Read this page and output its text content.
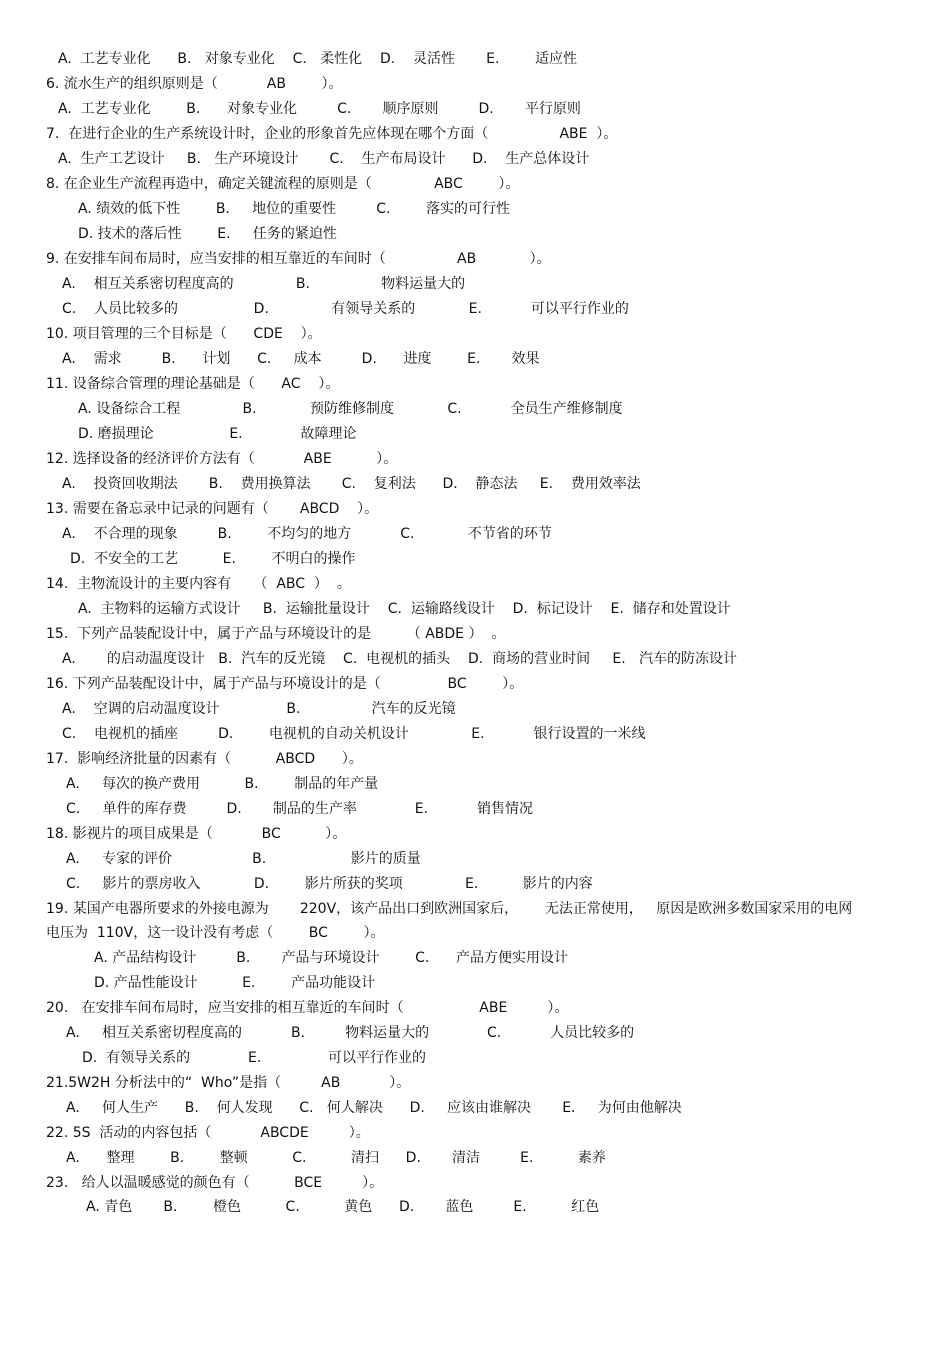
A.  工艺专业化      B.   对象专业化    C.   柔性化    D.    灵活性       E.        适应性
6. 流水生产的组织原则是（           AB        ）。
A.  工艺专业化        B.      对象专业化         C.       顺序原则         D.       平行原则
7.  在进行企业的生产系统设计时，企业的形象首先应体现在哪个方面（                ABE  ）。
A.  生产工艺设计     B.   生产环境设计       C.    生产布局设计      D.    生产总体设计
8. 在企业生产流程再造中，确定关键流程的原则是（              ABC        ）。
A. 绩效的低下性        B.     地位的重要性         C.        落实的可行性
D. 技术的落后性        E.     任务的紧迫性
9. 在安排车间布局时，应当安排的相互靠近的车间时（                AB            ）。
A.    相互关系密切程度高的              B.                物料运量大的
C.    人员比较多的                 D.              有领导关系的            E.           可以平行作业的
10. 项目管理的三个目标是（      CDE    ）。
A.    需求         B.      计划      C.     成本         D.      进度        E.       效果
11. 设备综合管理的理论基础是（      AC    ）。
A. 设备综合工程              B.            预防维修制度            C.           全员生产维修制度
D. 磨损理论                 E.             故障理论
12. 选择设备的经济评价方法有（           ABE          ）。
A.    投资回收期法       B.    费用换算法       C.    复利法      D.    静态法     E.    费用效率法
13. 需要在备忘录中记录的问题有（       ABCD    ）。
A.    不合理的现象         B.        不均匀的地方           C.            不节省的环节
D.  不安全的工艺          E.        不明白的操作
14.  主物流设计的主要内容有     （  ABC  ）  。
A.  主物料的运输方式设计     B.  运输批量设计    C.  运输路线设计    D.  标记设计    E.  储存和处置设计
15.  下列产品装配设计中，属于产品与环境设计的是        （ ABDE ）  。
A.       的启动温度设计   B.  汽车的反光镜    C.  电视机的插头    D.  商场的营业时间     E.   汽车的防冻设计
16. 下列产品装配设计中，属于产品与环境设计的是（               BC        ）。
A.    空调的启动温度设计               B.                汽车的反光镜
C.    电视机的插座         D.        电视机的自动关机设计              E.           银行设置的一米线
17.  影响经济批量的因素有（          ABCD      ）。
A.     每次的换产费用          B.        制品的年产量
C.     单件的库存费         D.       制品的生产率             E.           销售情况
18. 影视片的项目成果是（           BC          ）。
A.     专家的评价                  B.                   影片的质量
C.     影片的票房收入            D.        影片所获的奖项              E.          影片的内容
19. 某国产电器所要求的外接电源为       220V，该产品出口到欧洲国家后，      无法正常使用，   原因是欧洲多数国家采用的电网
电压为  110V，这一设计没有考虑（        BC        ）。
A. 产品结构设计         B.       产品与环境设计        C.      产品方便实用设计
D. 产品性能设计          E.        产品功能设计
20.   在安排车间布局时，应当安排的相互靠近的车间时（                 ABE         ）。
A.     相互关系密切程度高的           B.         物料运量大的             C.           人员比较多的
D.  有领导关系的             E.               可以平行作业的
21.5W2H 分析法中的“  Who”是指（         AB           ）。
A.     何人生产      B.    何人发现      C.   何人解决      D.     应该由谁解决       E.     为何由他解决
22. 5S  活动的内容包括（           ABCDE         ）。
A.      整理        B.        整顿          C.          清扫      D.       清洁         E.          素养
23.   给人以温暖感觉的颜色有（          BCE         ）。
A. 青色       B.        橙色          C.          黄色      D.       蓝色         E.          红色
